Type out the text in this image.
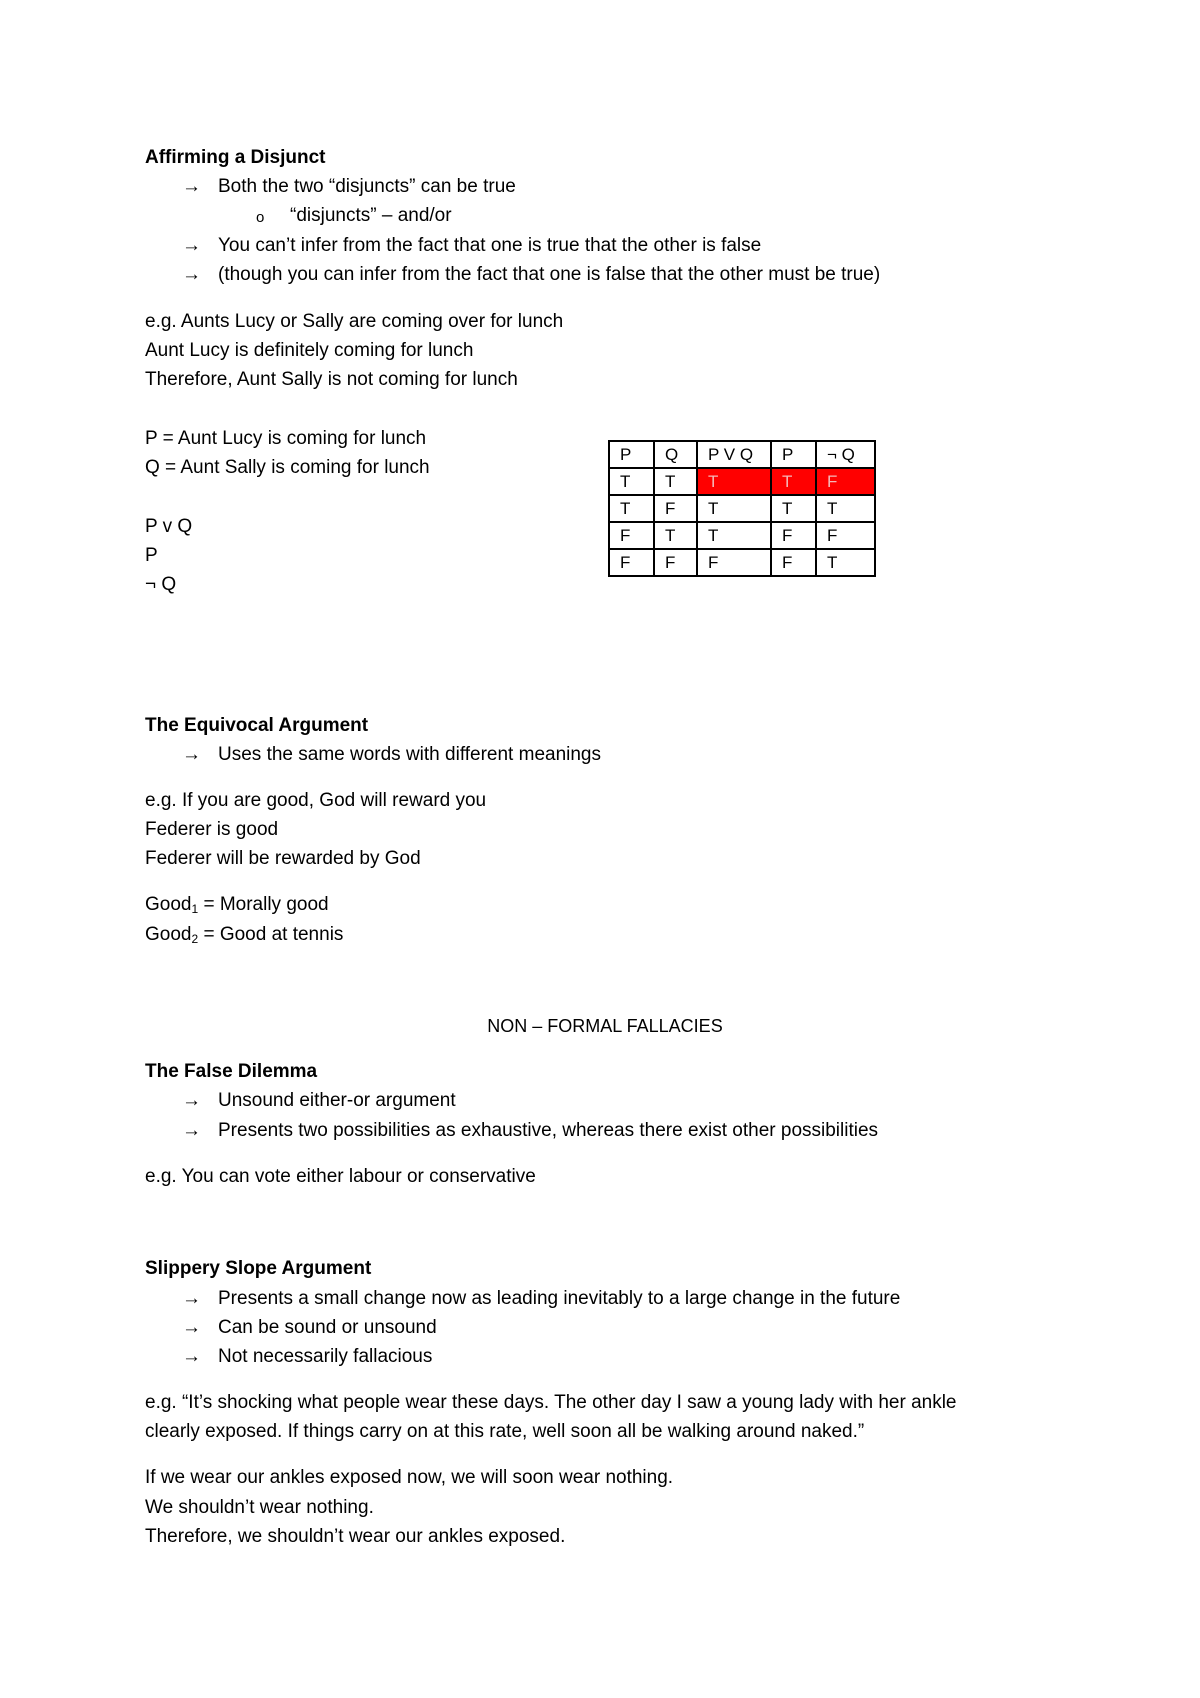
Affirming a Disjunct
→ Both the two “disjuncts” can be true
o “disjuncts” – and/or
→ You can’t infer from the fact that one is true that the other is false
→ (though you can infer from the fact that one is false that the other must be true)
e.g. Aunts Lucy or Sally are coming over for lunch
Aunt Lucy is definitely coming for lunch
Therefore, Aunt Sally is not coming for lunch
P = Aunt Lucy is coming for lunch
Q = Aunt Sally is coming for lunch
P v Q
P
¬ Q
P	Q	P V Q	P	¬ Q
T	T	T	T	F
T	F	T	T	T
F	T	T	F	F
F	F	F	F	T
The Equivocal Argument
→ Uses the same words with different meanings
e.g. If you are good, God will reward you
Federer is good
Federer will be rewarded by God
Good$_1$ = Morally good
Good$_2$ = Good at tennis
NON – FORMAL FALLACIES
The False Dilemma
→ Unsound either-or argument
→ Presents two possibilities as exhaustive, whereas there exist other possibilities
e.g. You can vote either labour or conservative
Slippery Slope Argument
→ Presents a small change now as leading inevitably to a large change in the future
→ Can be sound or unsound
→ Not necessarily fallacious
e.g. “It’s shocking what people wear these days. The other day I saw a young lady with her ankle
clearly exposed. If things carry on at this rate, well soon all be walking around naked.”
If we wear our ankles exposed now, we will soon wear nothing.
We shouldn’t wear nothing.
Therefore, we shouldn’t wear our ankles exposed.
